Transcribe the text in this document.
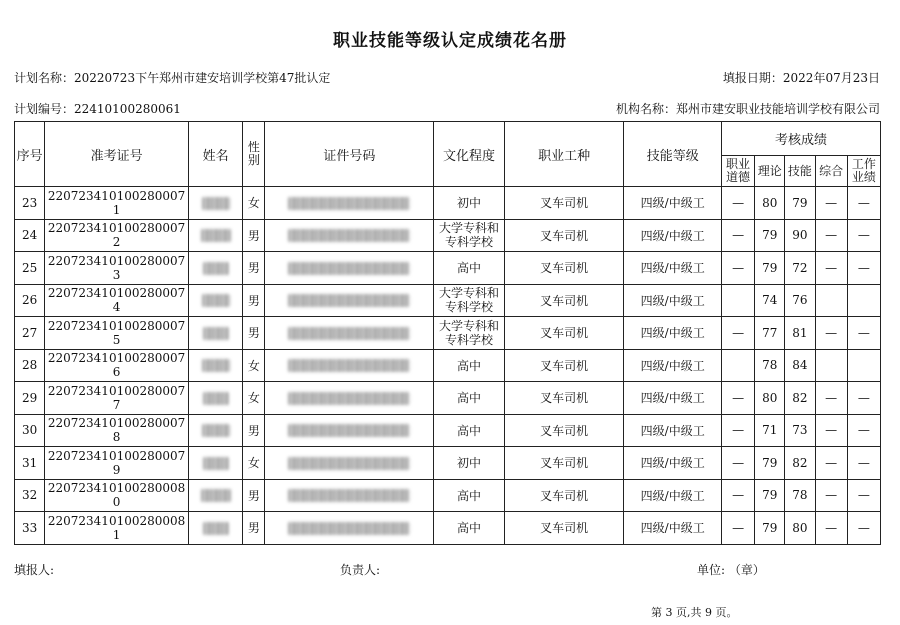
职业技能等级认定成绩花名册
计划名称：20220723下午郑州市建安培训学校第47批认定	填报日期：2022年07月23日
计划编号：22410100280061	机构名称：郑州市建安职业技能培训学校有限公司
序号	准考证号	姓名	性别	证件号码	文化程度	职业工种	技能等级	考核成绩				
								职业道德	理论	技能	综合	工作业绩
23	220723410100280007 1		女		初中	叉车司机	四级/中级工	—	80	79	—	—
24	220723410100280007 2		男		大学专科和专科学校	叉车司机	四级/中级工	—	79	90	—	—
25	220723410100280007 3		男		高中	叉车司机	四级/中级工	—	79	72	—	—
26	220723410100280007 4		男		大学专科和专科学校	叉车司机	四级/中级工		74	76		
27	220723410100280007 5		男		大学专科和专科学校	叉车司机	四级/中级工	—	77	81	—	—
28	220723410100280007 6		女		高中	叉车司机	四级/中级工		78	84		
29	220723410100280007 7		女		高中	叉车司机	四级/中级工	—	80	82	—	—
30	220723410100280007 8		男		高中	叉车司机	四级/中级工	—	71	73	—	—
31	220723410100280007 9		女		初中	叉车司机	四级/中级工	—	79	82	—	—
32	220723410100280008 0		男		高中	叉车司机	四级/中级工	—	79	78	—	—
33	220723410100280008 1		男		高中	叉车司机	四级/中级工	—	79	80	—	—
填报人:	负责人:	单位: （章）
第 3 页,共 9 页。
